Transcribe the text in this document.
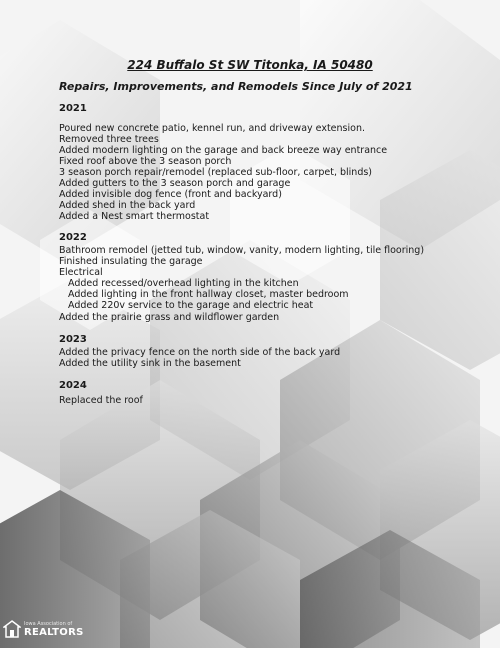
224 Buffalo St SW Titonka, IA 50480
Repairs, Improvements, and Remodels Since July of 2021
2021
Poured new concrete patio, kennel run, and driveway extension.
Removed three trees
Added modern lighting on the garage and back breeze way entrance
Fixed roof above the 3 season porch
3 season porch repair/remodel (replaced sub-floor, carpet, blinds)
Added gutters to the 3 season porch and garage
Added invisible dog fence (front and backyard)
Added shed in the back yard
Added a Nest smart thermostat
2022
Bathroom remodel (jetted tub, window, vanity, modern lighting, tile flooring)
Finished insulating the garage
Electrical
Added recessed/overhead lighting in the kitchen
Added lighting in the front hallway closet, master bedroom
Added 220v service to the garage and electric heat
Added the prairie grass and wildflower garden
2023
Added the privacy fence on the north side of the back yard
Added the utility sink in the basement
2024
Replaced the roof
Iowa Association of
REALTORS
